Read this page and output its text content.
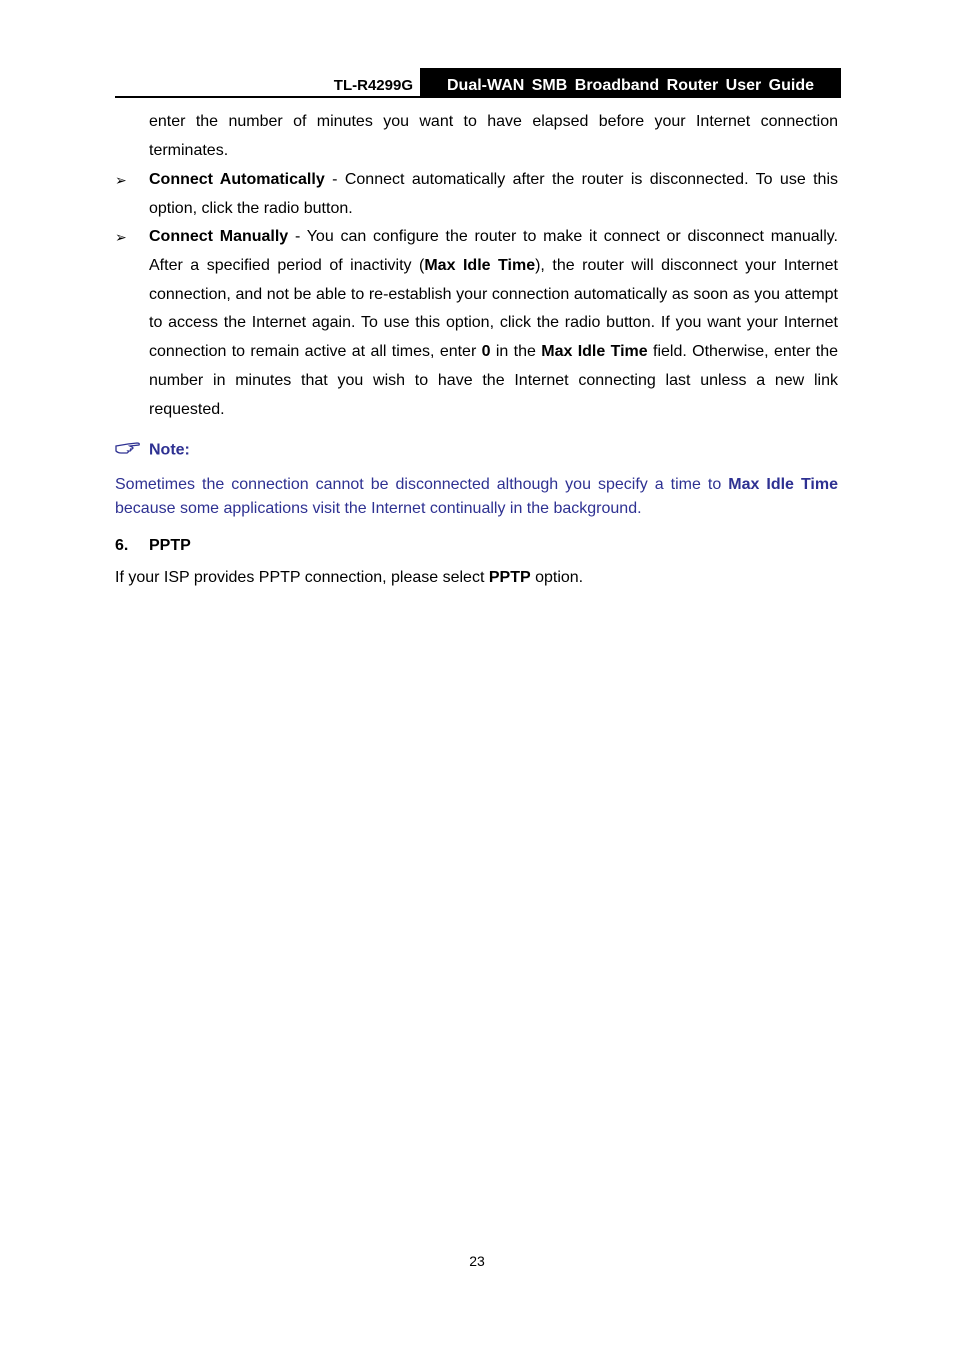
TL-R4299G	Dual-WAN SMB Broadband Router User Guide
enter the number of minutes you want to have elapsed before your Internet connection terminates.
➢ Connect Automatically - Connect automatically after the router is disconnected. To use this option, click the radio button.
➢ Connect Manually - You can configure the router to make it connect or disconnect manually. After a specified period of inactivity (Max Idle Time), the router will disconnect your Internet connection, and not be able to re-establish your connection automatically as soon as you attempt to access the Internet again. To use this option, click the radio button. If you want your Internet connection to remain active at all times, enter 0 in the Max Idle Time field. Otherwise, enter the number in minutes that you wish to have the Internet connecting last unless a new link requested.
Note:
Sometimes the connection cannot be disconnected although you specify a time to Max Idle Time because some applications visit the Internet continually in the background.
6. PPTP
If your ISP provides PPTP connection, please select PPTP option.
23
